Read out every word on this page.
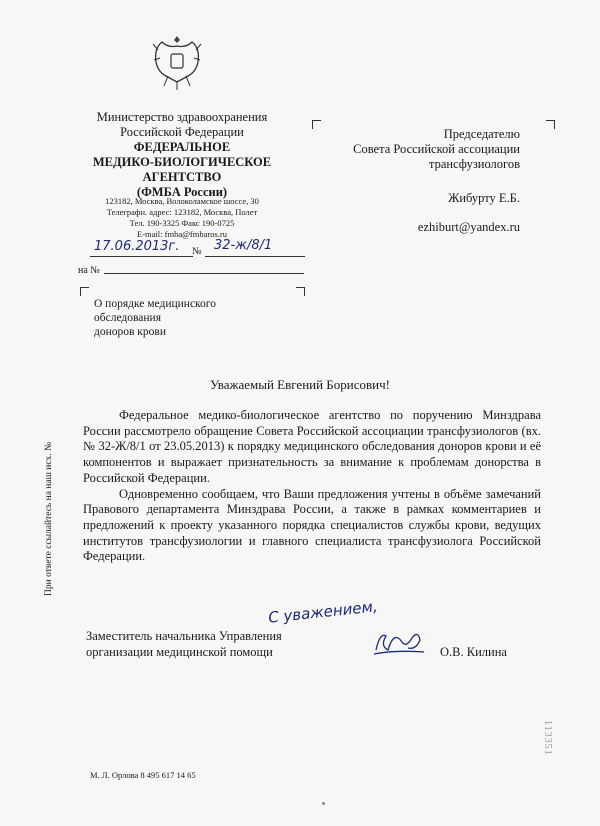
Министерство здравоохранения
Российской Федерации
ФЕДЕРАЛЬНОЕ
МЕДИКО-БИОЛОГИЧЕСКОЕ
АГЕНТСТВО
(ФМБА России)
123182, Москва, Волоколамское шоссе, 30
Телеграфн. адрес: 123182, Москва, Полет
Тел. 190-3325 Факс 190-0725
E-mail: fmba@fmbaros.ru
17.06.2013г. № 32-ж/8/1
на №
О порядке медицинского обследования
доноров крови
Председателю
Совета Российской ассоциации
трансфузиологов
Жибурту Е.Б.
ezhiburt@yandex.ru
Уважаемый Евгений Борисович!

Федеральное медико-биологическое агентство по поручению Минздрава России рассмотрело обращение Совета Российской ассоциации трансфузиологов (вх. № 32-Ж/8/1 от 23.05.2013) к порядку медицинского обследования доноров крови и её компонентов и выражает признательность за внимание к проблемам донорства в Российской Федерации.

Одновременно сообщаем, что Ваши предложения учтены в объёме замечаний Правового департамента Минздрава России, а также в рамках комментариев и предложений к проекту указанного порядка специалистов службы крови, ведущих институтов трансфузиологии и главного специалиста трансфузиолога Российской Федерации.

При ответе ссылайтесь на наш исх. №
С уважением,
Заместитель начальника Управления
организации медицинской помощи	О.В. Килина
113351
М. Л. Орлова 8 495 617 14 65
